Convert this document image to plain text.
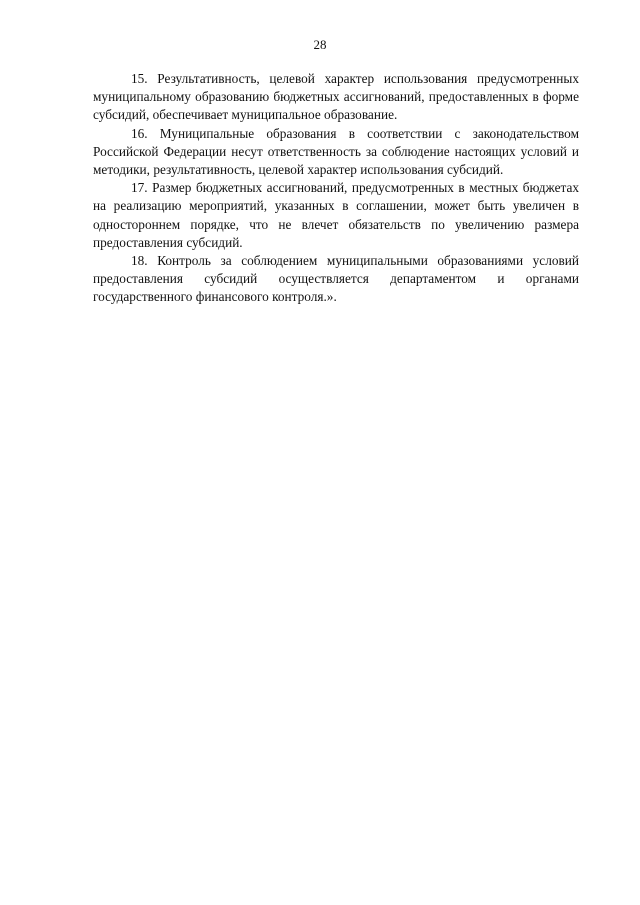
28

15. Результативность, целевой характер использования предусмотренных муниципальному образованию бюджетных ассигнований, предоставленных в форме субсидий, обеспечивает муниципальное образование.

16. Муниципальные образования в соответствии с законодательством Российской Федерации несут ответственность за соблюдение настоящих условий и методики, результативность, целевой характер использования субсидий.

17. Размер бюджетных ассигнований, предусмотренных в местных бюджетах на реализацию мероприятий, указанных в соглашении, может быть увеличен в одностороннем порядке, что не влечет обязательств по увеличению размера предоставления субсидий.

18. Контроль за соблюдением муниципальными образованиями условий предоставления субсидий осуществляется департаментом и органами государственного финансового контроля.».
